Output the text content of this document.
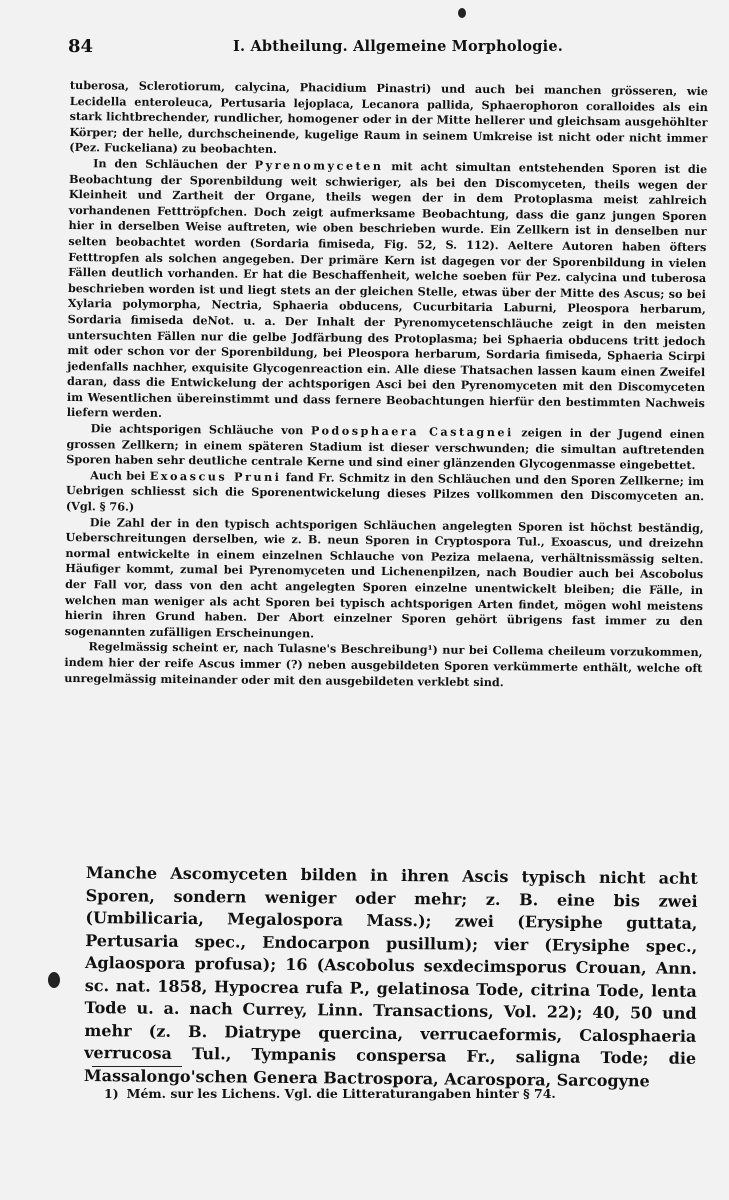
84	I. Abtheilung. Allgemeine Morphologie.

tuberosa, Sclerotiorum, calycina, Phacidium Pinastri) und auch bei manchen grösseren, wie Lecidella enteroleuca, Pertusaria lejoplaca, Lecanora pallida, Sphaerophoron coralloides als ein stark lichtbrechender, rundlicher, homogener oder in der Mitte hellerer und gleichsam ausgehöhlter Körper; der helle, durchscheinende, kugelige Raum in seinem Umkreise ist nicht oder nicht immer (Pez. Fuckeliana) zu beobachten.

In den Schläuchen der Pyrenomyceten mit acht simultan entstehenden Sporen ist die Beobachtung der Sporenbildung weit schwieriger, als bei den Discomyceten, theils wegen der Kleinheit und Zartheit der Organe, theils wegen der in dem Protoplasma meist zahlreich vorhandenen Fetttröpfchen. Doch zeigt aufmerksame Beobachtung, dass die ganz jungen Sporen hier in derselben Weise auftreten, wie oben beschrieben wurde. Ein Zellkern ist in denselben nur selten beobachtet worden (Sordaria fimiseda, Fig. 52, S. 112). Aeltere Autoren haben öfters Fetttropfen als solchen angegeben. Der primäre Kern ist dagegen vor der Sporenbildung in vielen Fällen deutlich vorhanden. Er hat die Beschaffenheit, welche soeben für Pez. calycina und tuberosa beschrieben worden ist und liegt stets an der gleichen Stelle, etwas über der Mitte des Ascus; so bei Xylaria polymorpha, Nectria, Sphaeria obducens, Cucurbitaria Laburni, Pleospora herbarum, Sordaria fimiseda deNot. u. a. Der Inhalt der Pyrenomycetenschläuche zeigt in den meisten untersuchten Fällen nur die gelbe Jodfärbung des Protoplasma; bei Sphaeria obducens tritt jedoch mit oder schon vor der Sporenbildung, bei Pleospora herbarum, Sordaria fimiseda, Sphaeria Scirpi jedenfalls nachher, exquisite Glycogenreaction ein. Alle diese Thatsachen lassen kaum einen Zweifel daran, dass die Entwickelung der achtsporigen Asci bei den Pyrenomyceten mit den Discomyceten im Wesentlichen übereinstimmt und dass fernere Beobachtungen hierfür den bestimmten Nachweis liefern werden.

Die achtsporigen Schläuche von Podosphaera Castagnei zeigen in der Jugend einen grossen Zellkern; in einem späteren Stadium ist dieser verschwunden; die simultan auftretenden Sporen haben sehr deutliche centrale Kerne und sind einer glänzenden Glycogenmasse eingebettet.

Auch bei Exoascus Pruni fand Fr. Schmitz in den Schläuchen und den Sporen Zellkerne; im Uebrigen schliesst sich die Sporenentwickelung dieses Pilzes vollkommen den Discomyceten an. (Vgl. § 76.)

Die Zahl der in den typisch achtsporigen Schläuchen angelegten Sporen ist höchst beständig, Ueberschreitungen derselben, wie z. B. neun Sporen in Cryptospora Tul., Exoascus, und dreizehn normal entwickelte in einem einzelnen Schlauche von Peziza melaena, verhältnissmässig selten. Häufiger kommt, zumal bei Pyrenomyceten und Lichenenpilzen, nach Boudier auch bei Ascobolus der Fall vor, dass von den acht angelegten Sporen einzelne unentwickelt bleiben; die Fälle, in welchen man weniger als acht Sporen bei typisch achtsporigen Arten findet, mögen wohl meistens hierin ihren Grund haben. Der Abort einzelner Sporen gehört übrigens fast immer zu den sogenannten zufälligen Erscheinungen.

Regelmässig scheint er, nach Tulasne's Beschreibung¹) nur bei Collema cheileum vorzukommen, indem hier der reife Ascus immer (?) neben ausgebildeten Sporen verkümmerte enthält, welche oft unregelmässig miteinander oder mit den ausgebildeten verklebt sind.

Manche Ascomyceten bilden in ihren Ascis typisch nicht acht Sporen, sondern weniger oder mehr; z. B. eine bis zwei (Umbilicaria, Megalospora Mass.); zwei (Erysiphe guttata, Pertusaria spec., Endocarpon pusillum); vier (Erysiphe spec., Aglaospora profusa); 16 (Ascobolus sexdecimsporus Crouan, Ann. sc. nat. 1858, Hypocrea rufa P., gelatinosa Tode, citrina Tode, lenta Tode u. a. nach Currey, Linn. Transactions, Vol. 22); 40, 50 und mehr (z. B. Diatrype quercina, verrucaeformis, Calosphaeria verrucosa Tul., Tympanis conspersa Fr., saligna Tode; die Massalongo'schen Genera Bactrospora, Acarospora, Sarcogyne

1) Mém. sur les Lichens. Vgl. die Litteraturangaben hinter § 74.
